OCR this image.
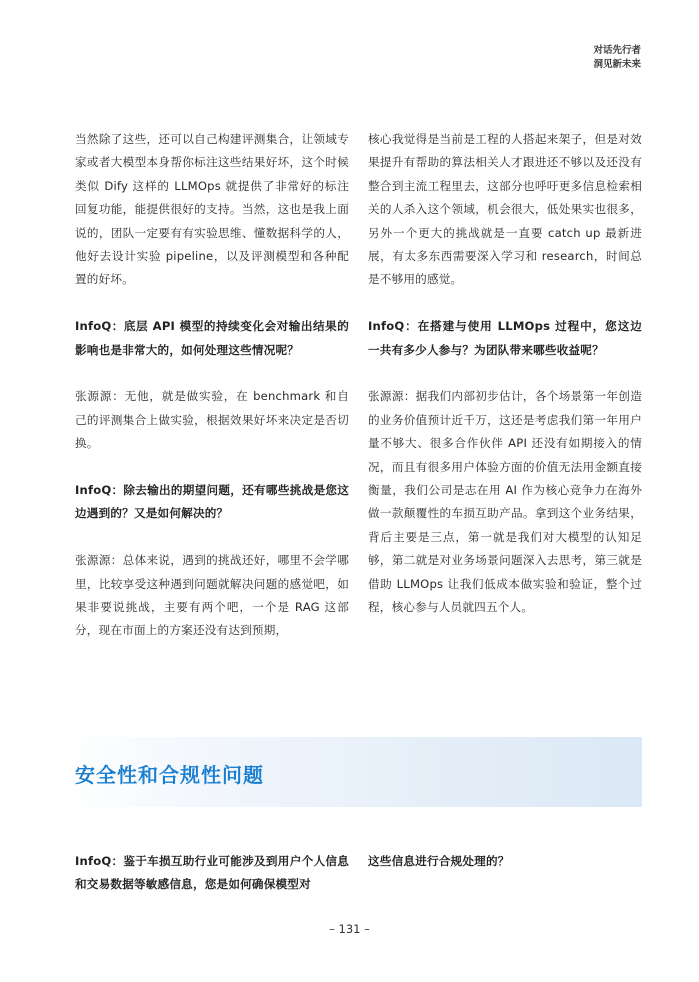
对话先行者
洞见新未来

当然除了这些，还可以自己构建评测集合，让领域专家或者大模型本身帮你标注这些结果好坏，这个时候类似 Dify 这样的 LLMOps 就提供了非常好的标注回复功能，能提供很好的支持。当然，这也是我上面说的，团队一定要有有实验思维、懂数据科学的人，他好去设计实验 pipeline，以及评测模型和各种配置的好坏。

InfoQ：底层 API 模型的持续变化会对输出结果的影响也是非常大的，如何处理这些情况呢？

张源源：无他，就是做实验，在 benchmark 和自己的评测集合上做实验，根据效果好坏来决定是否切换。

InfoQ：除去输出的期望问题，还有哪些挑战是您这边遇到的？又是如何解决的？

张源源：总体来说，遇到的挑战还好，哪里不会学哪里，比较享受这种遇到问题就解决问题的感觉吧，如果非要说挑战，主要有两个吧，一个是 RAG 这部分，现在市面上的方案还没有达到预期，

核心我觉得是当前是工程的人搭起来架子，但是对效果提升有帮助的算法相关人才跟进还不够以及还没有整合到主流工程里去，这部分也呼吁更多信息检索相关的人杀入这个领域，机会很大，低处果实也很多，另外一个更大的挑战就是一直要 catch up 最新进展，有太多东西需要深入学习和 research，时间总是不够用的感觉。

InfoQ：在搭建与使用 LLMOps 过程中，您这边一共有多少人参与？为团队带来哪些收益呢？

张源源：据我们内部初步估计，各个场景第一年创造的业务价值预计近千万，这还是考虑我们第一年用户量不够大、很多合作伙伴 API 还没有如期接入的情况，而且有很多用户体验方面的价值无法用金额直接衡量，我们公司是志在用 AI 作为核心竞争力在海外做一款颠覆性的车损互助产品。拿到这个业务结果，背后主要是三点，第一就是我们对大模型的认知足够，第二就是对业务场景问题深入去思考，第三就是借助 LLMOps 让我们低成本做实验和验证，整个过程，核心参与人员就四五个人。

安全性和合规性问题

InfoQ：鉴于车损互助行业可能涉及到用户个人信息和交易数据等敏感信息，您是如何确保模型对

这些信息进行合规处理的？

– 131 –
